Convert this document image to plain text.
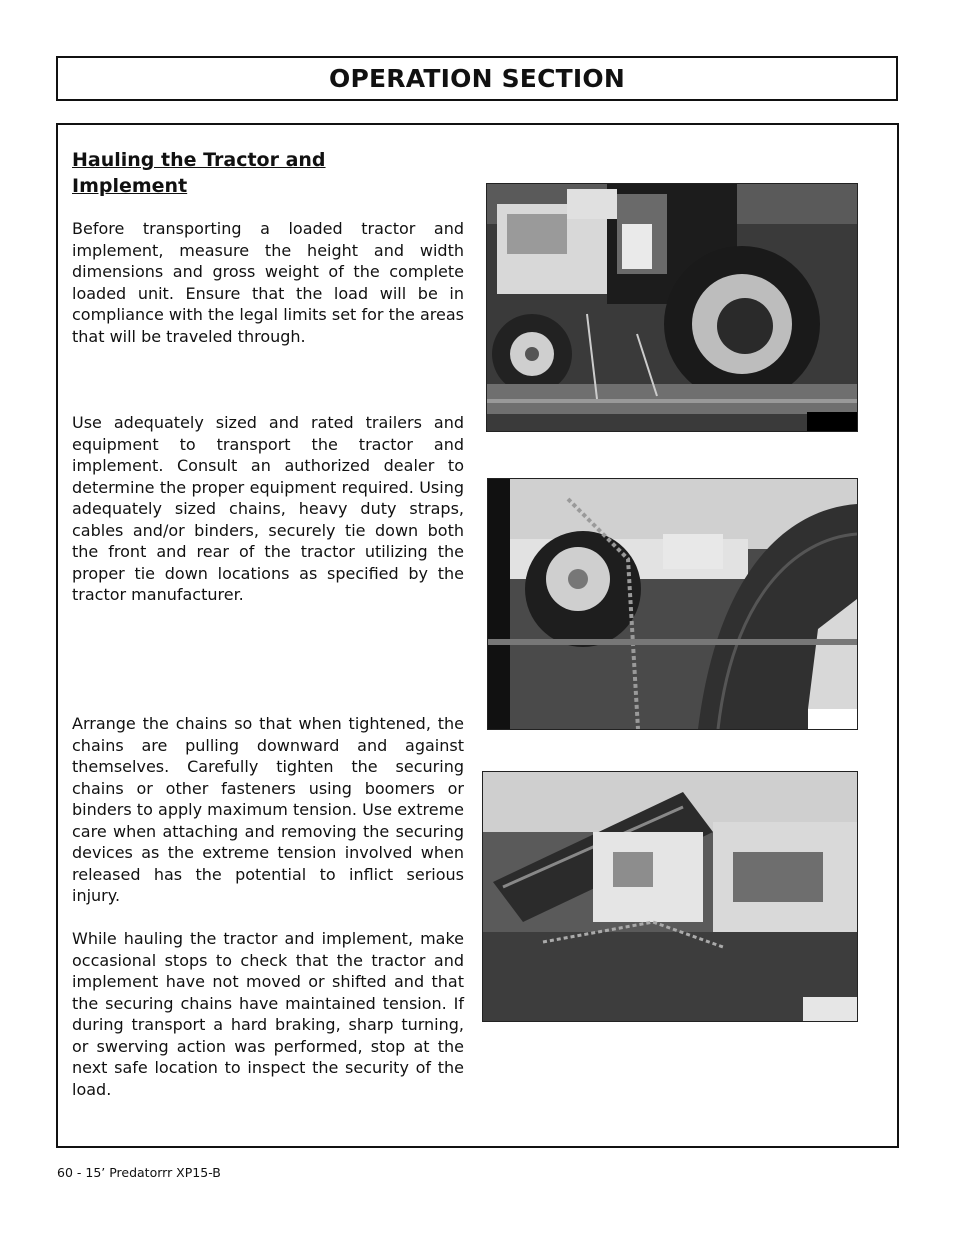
OPERATION SECTION
Hauling the Tractor and Implement

Before transporting a loaded tractor and implement, measure the height and width dimensions and gross weight of the complete loaded unit. Ensure that the load will be in compliance with the legal limits set for the areas that will be traveled through.

Use adequately sized and rated trailers and equipment to transport the tractor and implement. Consult an authorized dealer to determine the proper equipment required. Using adequately sized chains, heavy duty straps, cables and/or binders, securely tie down both the front and rear of the tractor utilizing the proper tie down locations as specified by the tractor manufacturer.

Arrange the chains so that when tightened, the chains are pulling downward and against themselves. Carefully tighten the securing chains or other fasteners using boomers or binders to apply maximum tension. Use extreme care when attaching and removing the securing devices as the extreme tension involved when released has the potential to inflict serious injury.

While hauling the tractor and implement, make occasional stops to check that the tractor and implement have not moved or shifted and that the securing chains have maintained tension. If during transport a hard braking, sharp turning, or swerving action was performed, stop at the next safe location to inspect the security of the load.

60 - 15’ Predatorrr XP15-B
